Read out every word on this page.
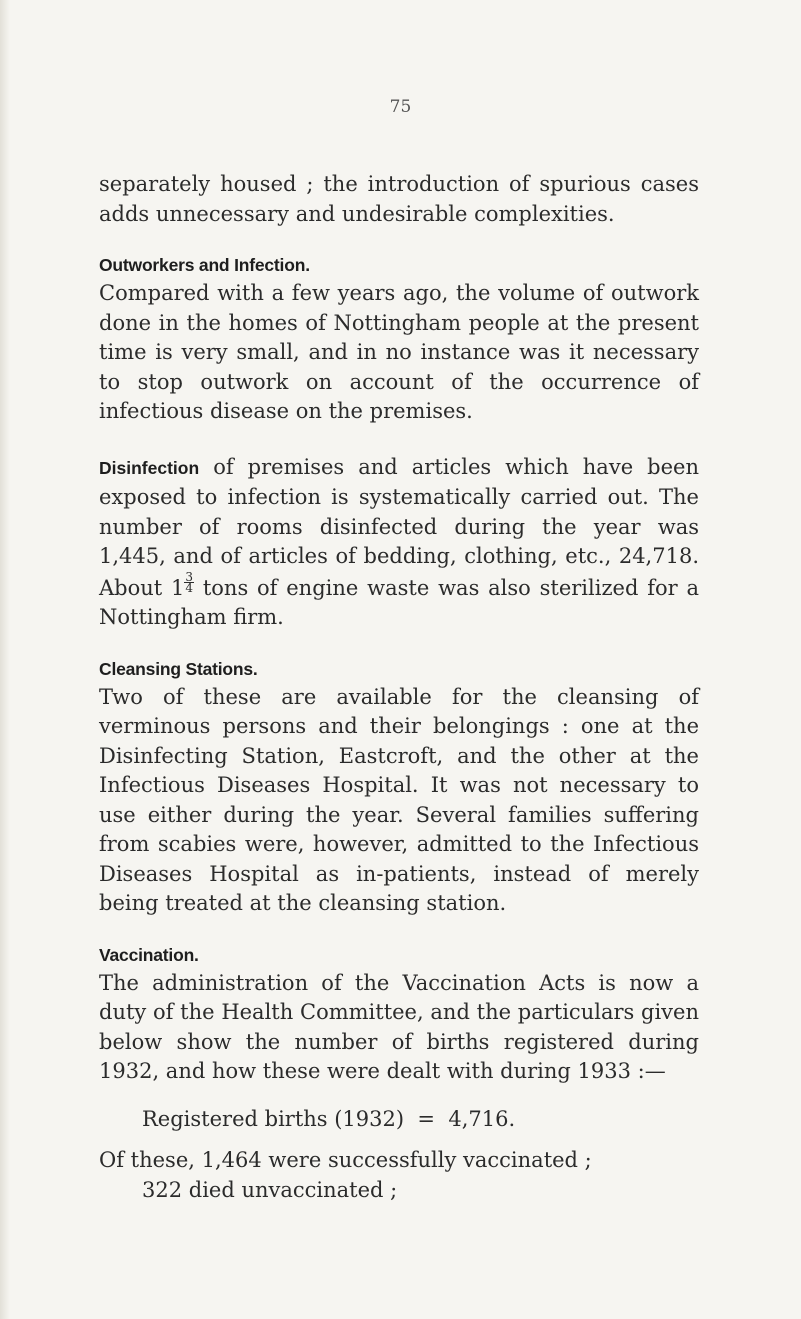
75

separately housed ; the introduction of spurious cases adds unnecessary and undesirable complexities.

Outworkers and Infection.

Compared with a few years ago, the volume of outwork done in the homes of Nottingham people at the present time is very small, and in no instance was it necessary to stop outwork on account of the occurrence of infectious disease on the premises.

Disinfection of premises and articles which have been exposed to infection is systematically carried out. The number of rooms disinfected during the year was 1,445, and of articles of bedding, clothing, etc., 24,718. About $1 \frac{3}{4}$ tons of engine waste was also sterilized for a Nottingham firm.

Cleansing Stations.

Two of these are available for the cleansing of verminous persons and their belongings : one at the Disinfecting Station, Eastcroft, and the other at the Infectious Diseases Hospital. It was not necessary to use either during the year. Several families suffering from scabies were, however, admitted to the Infectious Diseases Hospital as in-patients, instead of merely being treated at the cleansing station.

Vaccination.

The administration of the Vaccination Acts is now a duty of the Health Committee, and the particulars given below show the number of births registered during 1932, and how these were dealt with during 1933 :—

Registered births (1932)  =  4,716.
Of these, 1,464 were successfully vaccinated ;
322 died unvaccinated ;
